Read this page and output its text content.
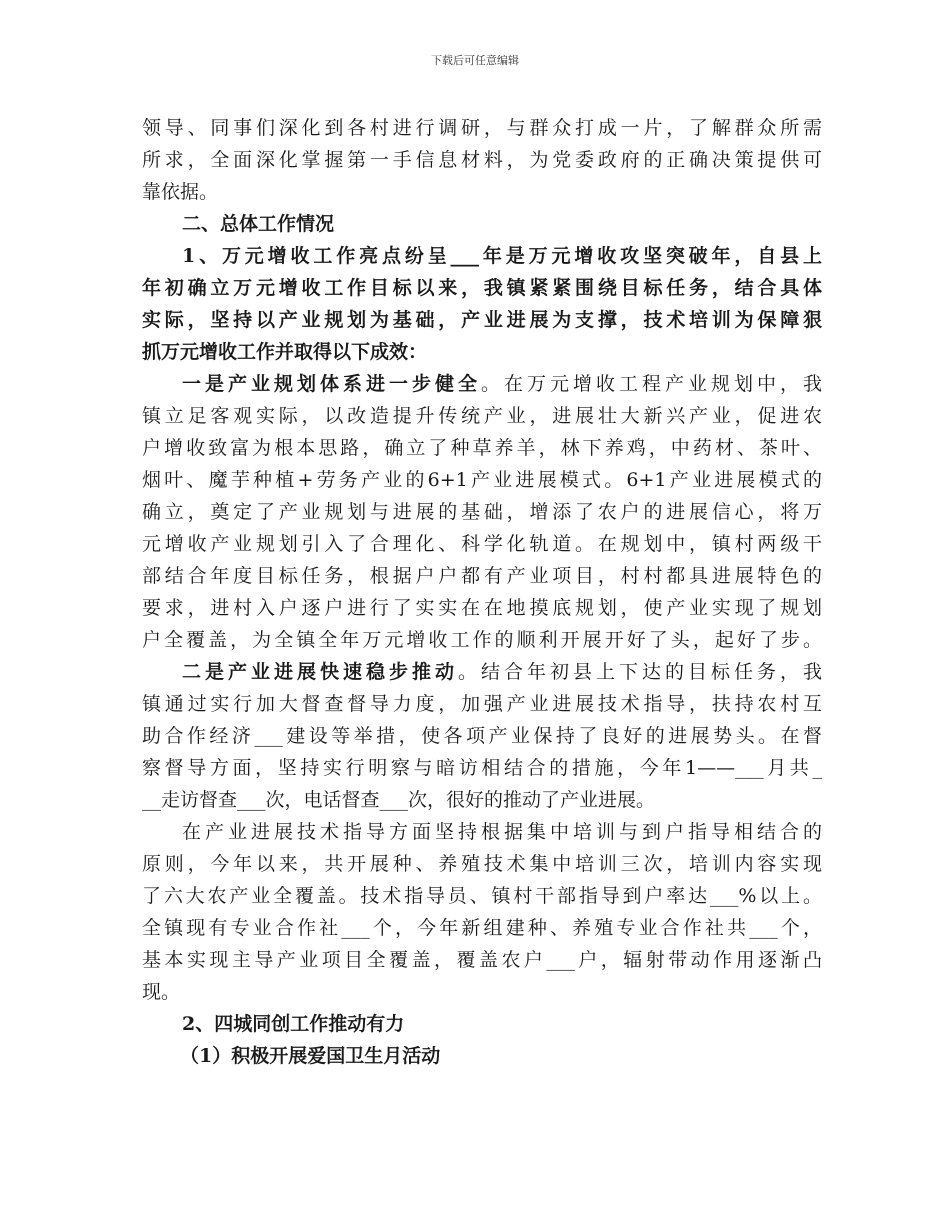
下载后可任意编辑
领导、同事们深化到各村进行调研，与群众打成一片，了解群众所需
所求，全面深化掌握第一手信息材料，为党委政府的正确决策提供可
靠依据。
二、总体工作情况
1、万元增收工作亮点纷呈___年是万元增收攻坚突破年，自县上
年初确立万元增收工作目标以来，我镇紧紧围绕目标任务，结合具体
实际，坚持以产业规划为基础，产业进展为支撑，技术培训为保障狠
抓万元增收工作并取得以下成效：
一是产业规划体系进一步健全。在万元增收工程产业规划中，我
镇立足客观实际，以改造提升传统产业，进展壮大新兴产业，促进农
户增收致富为根本思路，确立了种草养羊，林下养鸡，中药材、茶叶、
烟叶、魔芋种植+劳务产业的6+1产业进展模式。6+1产业进展模式的
确立，奠定了产业规划与进展的基础，增添了农户的进展信心，将万
元增收产业规划引入了合理化、科学化轨道。在规划中，镇村两级干
部结合年度目标任务，根据户户都有产业项目，村村都具进展特色的
要求，进村入户逐户进行了实实在在地摸底规划，使产业实现了规划
户全覆盖，为全镇全年万元增收工作的顺利开展开好了头，起好了步。
二是产业进展快速稳步推动。结合年初县上下达的目标任务，我
镇通过实行加大督查督导力度，加强产业进展技术指导，扶持农村互
助合作经济___建设等举措，使各项产业保持了良好的进展势头。在督
察督导方面，坚持实行明察与暗访相结合的措施，今年1——___月共_
__走访督查___次，电话督查___次，很好的推动了产业进展。
在产业进展技术指导方面坚持根据集中培训与到户指导相结合的
原则，今年以来，共开展种、养殖技术集中培训三次，培训内容实现
了六大农产业全覆盖。技术指导员、镇村干部指导到户率达___%以上。
全镇现有专业合作社___个，今年新组建种、养殖专业合作社共___个，
基本实现主导产业项目全覆盖，覆盖农户___户，辐射带动作用逐渐凸
现。
2、四城同创工作推动有力
（1）积极开展爱国卫生月活动
